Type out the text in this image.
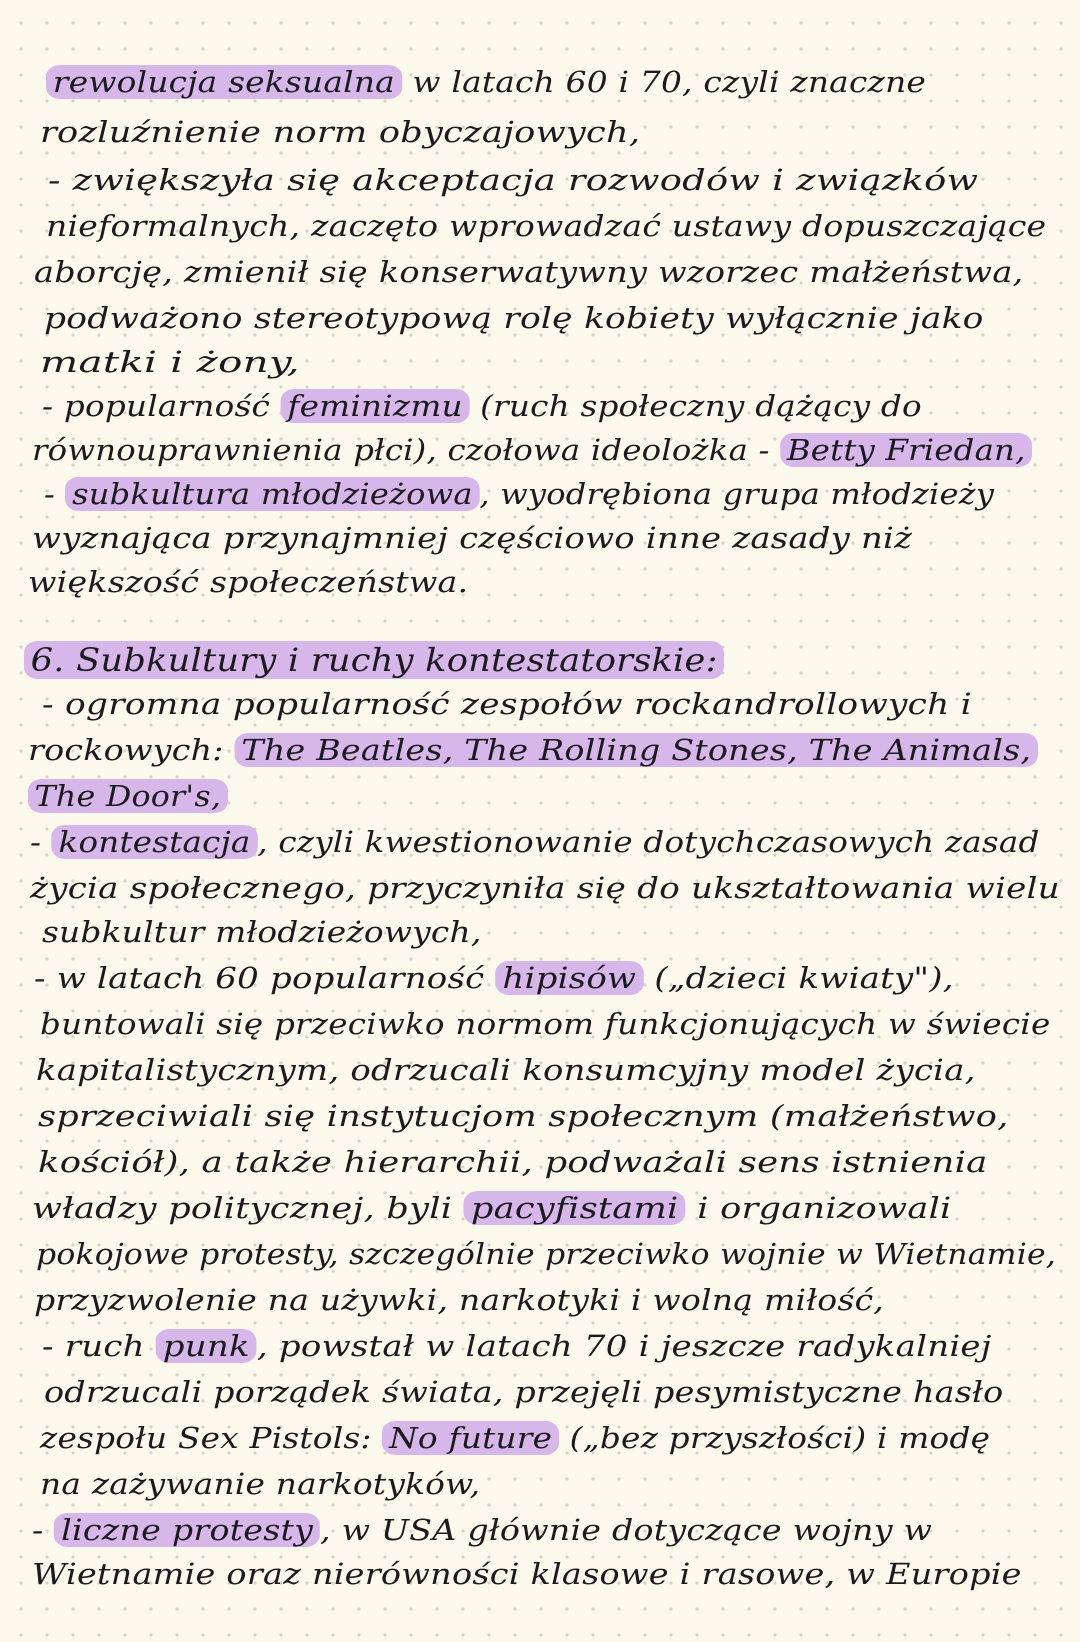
rewolucja seksualna w latach 60 i 70, czyli znaczne

rozluźnienie norm obyczajowych,

- zwiększyła się akceptacja rozwodów i związków

nieformalnych, zaczęto wprowadzać ustawy dopuszczające

aborcję, zmienił się konserwatywny wzorzec małżeństwa,

podważono stereotypową rolę kobiety wyłącznie jako

matki i żony,

- popularność feminizmu (ruch społeczny dążący do

równouprawnienia płci), czołowa ideolożka - Betty Friedan,

- subkultura młodzieżowa , wyodrębiona grupa młodzieży

wyznająca przynajmniej częściowo inne zasady niż

większość społeczeństwa.

6. Subkultury i ruchy kontestatorskie:

- ogromna popularność zespołów rockandrollowych i

rockowych: The Beatles, The Rolling Stones, The Animals,

The Door's,

- kontestacja , czyli kwestionowanie dotychczasowych zasad

życia społecznego, przyczyniła się do ukształtowania wielu

subkultur młodzieżowych,

- w latach 60 popularność hipisów („dzieci kwiaty"),

buntowali się przeciwko normom funkcjonujących w świecie

kapitalistycznym, odrzucali konsumcyjny model życia,

sprzeciwiali się instytucjom społecznym (małżeństwo,

kościół), a także hierarchii, podważali sens istnienia

władzy politycznej, byli pacyfistami i organizowali

pokojowe protesty, szczególnie przeciwko wojnie w Wietnamie,

przyzwolenie na używki, narkotyki i wolną miłość,

- ruch punk , powstał w latach 70 i jeszcze radykalniej

odrzucali porządek świata, przejęli pesymistyczne hasło

zespołu Sex Pistols: No future („bez przyszłości) i modę

na zażywanie narkotyków,

- liczne protesty , w USA głównie dotyczące wojny w

Wietnamie oraz nierówności klasowe i rasowe, w Europie
